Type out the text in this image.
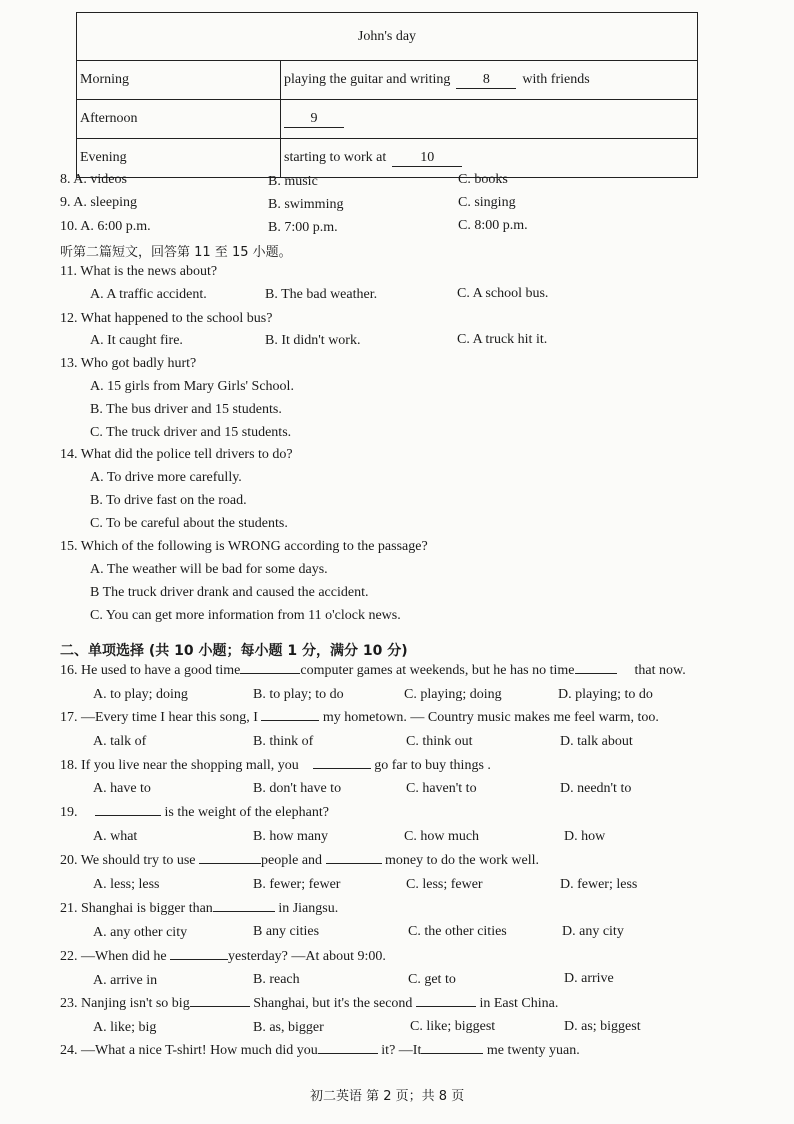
John's day
Morning	playing the guitar and writing	8	with friends
Afternoon	9
Evening	starting to work at	10
8. A. videos	B. music	C. books
9. A. sleeping	B. swimming	C. singing
10. A. 6:00 p.m.	B. 7:00 p.m.	C. 8:00 p.m.
听第二篇短文，回答第 11 至 15 小题。
11. What is the news about?
A. A traffic accident.	B. The bad weather.	C. A school bus.
12. What happened to the school bus?
A. It caught fire.	B. It didn't work.	C. A truck hit it.
13. Who got badly hurt?
A. 15 girls from Mary Girls' School.
B. The bus driver and 15 students.
C. The truck driver and 15 students.
14. What did the police tell drivers to do?
A. To drive more carefully.
B. To drive fast on the road.
C. To be careful about the students.
15. Which of the following is WRONG according to the passage?
A. The weather will be bad for some days.
B The truck driver drank and caused the accident.
C. You can get more information from 11 o'clock news.
二、单项选择 (共 10 小题；每小题 1 分，满分 10 分)
16. He used to have a good time	computer games at weekends, but he has no time	that now.
A. to play; doing	B. to play; to do	C. playing; doing	D. playing; to do
17. —Every time I hear this song, I	my hometown. — Country music makes me feel warm, too.
A. talk of	B. think of	C. think out	D. talk about
18. If you live near the shopping mall, you	go far to buy things .
A. have to	B. don't have to	C. haven't to	D. needn't to
19.	is the weight of the elephant?
A. what	B. how many	C. how much	D. how
20. We should try to use	people and	money to do the work well.
A. less; less	B. fewer; fewer	C. less; fewer	D. fewer; less
21. Shanghai is bigger than	in Jiangsu.
A. any other city	B any cities	C. the other cities	D. any city
22. —When did he	yesterday? —At about 9:00.
A. arrive in	B. reach	C. get to	D. arrive
23. Nanjing isn't so big	Shanghai, but it's the second	in East China.
A. like; big	B. as, bigger	C. like; biggest	D. as; biggest
24. —What a nice T-shirt! How much did you	it? —It	me twenty yuan.
初二英语 第 2 页；共 8 页
